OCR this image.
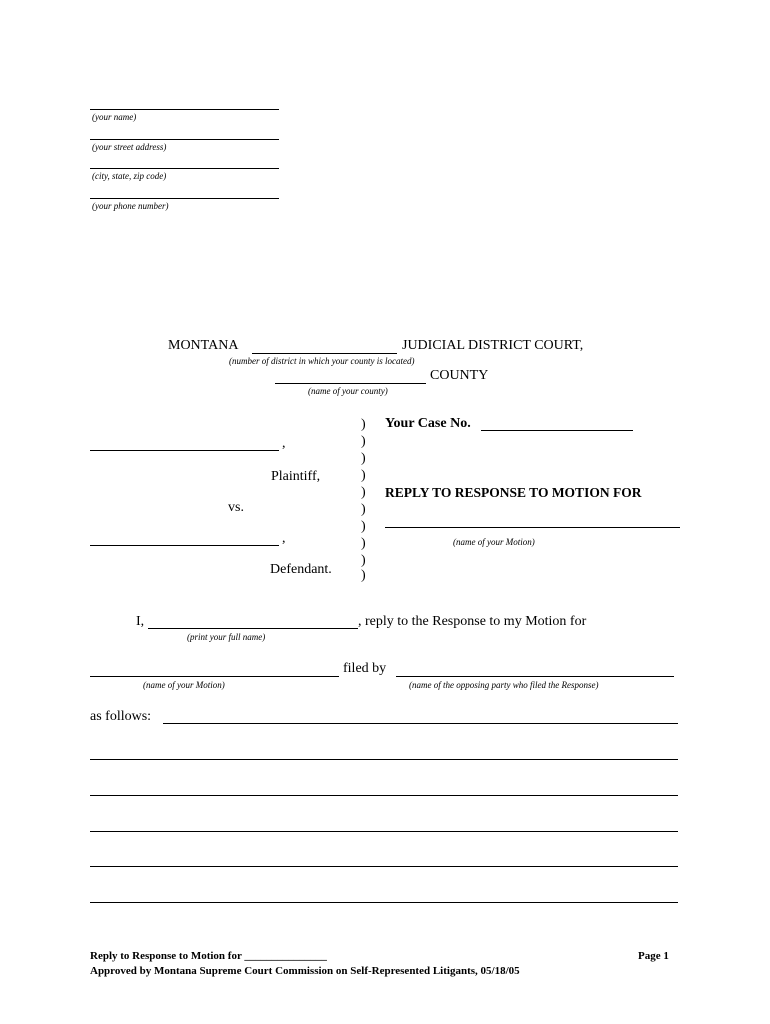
(your name)
(your street address)
(city, state, zip code)
(your phone number)
MONTANA	JUDICIAL DISTRICT COURT,
(number of district in which your county is located)
COUNTY
(name of your county)
)
)
)
)
)
)
)
)
)
)
Your Case No.
,
Plaintiff,
REPLY TO RESPONSE TO MOTION FOR
(name of your Motion)
vs.
,
Defendant.
I,	, reply to the Response to my Motion for
(print your full name)
filed by
(name of your Motion)	(name of the opposing party who filed the Response)
as follows:
Reply to Response to Motion for _______________	Page 1
Approved by Montana Supreme Court Commission on Self-Represented Litigants, 05/18/05
